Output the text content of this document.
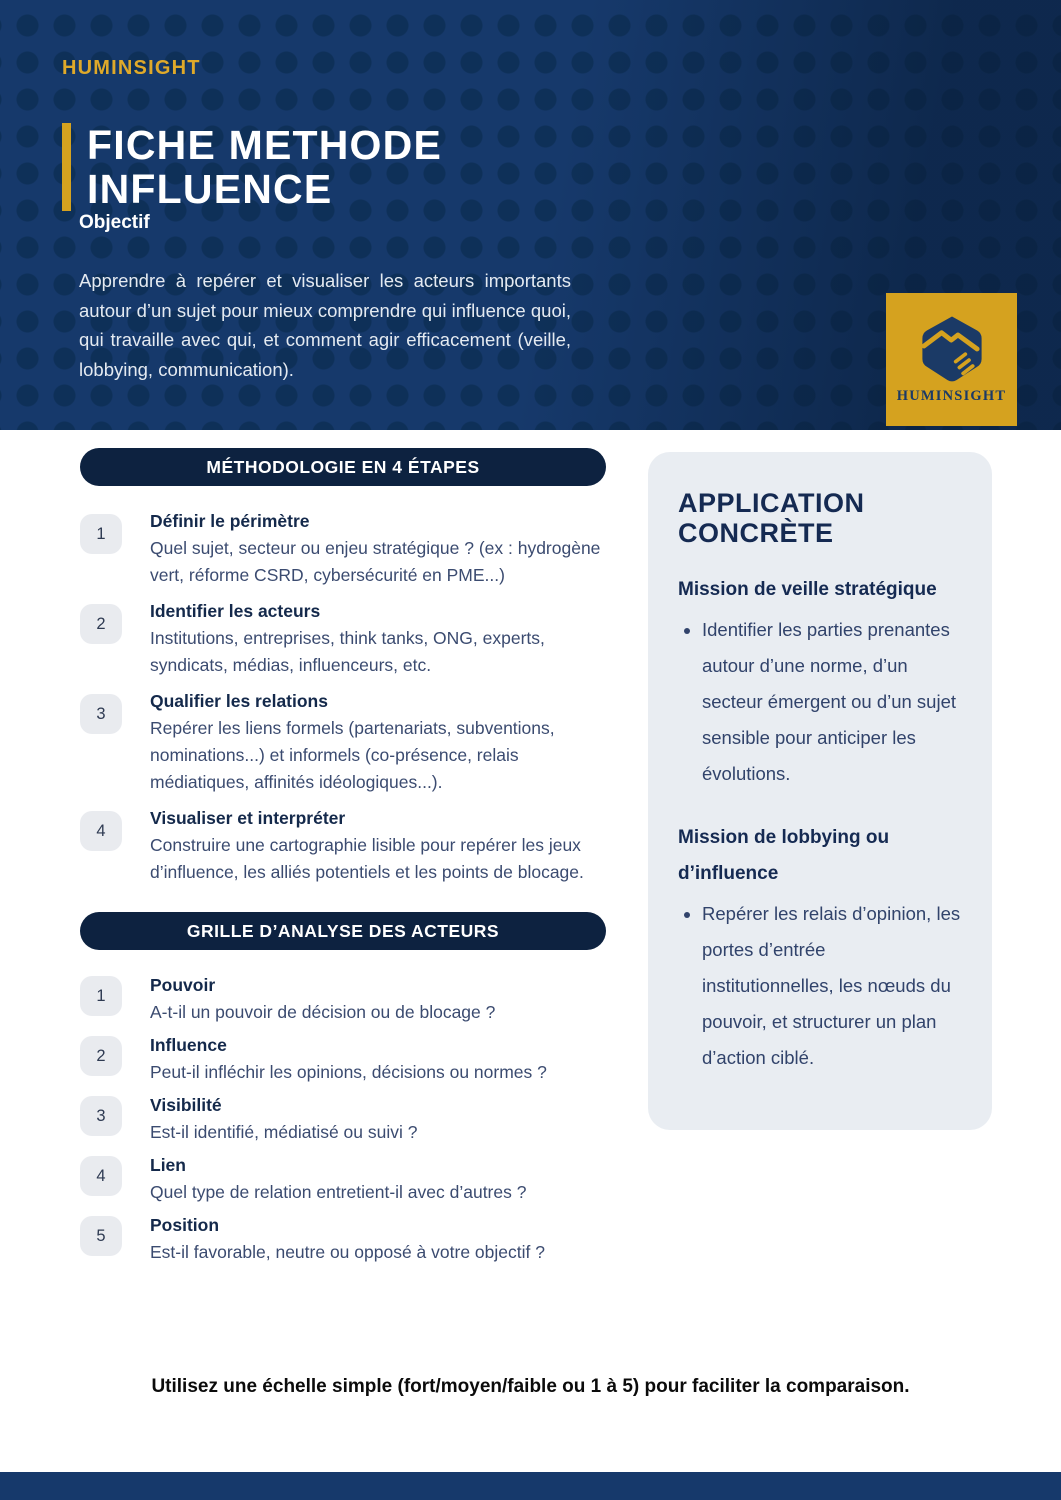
HUMINSIGHT
FICHE METHODE
INFLUENCE
Objectif

Apprendre à repérer et visualiser les acteurs importants autour d’un sujet pour mieux comprendre qui influence quoi, qui travaille avec qui, et comment agir efficacement (veille, lobbying, communication).

HUMINSIGHT
MÉTHODOLOGIE EN 4 ÉTAPES
1
Définir le périmètre
Quel sujet, secteur ou enjeu stratégique ? (ex : hydrogène vert, réforme CSRD, cybersécurité en PME...)
2
Identifier les acteurs
Institutions, entreprises, think tanks, ONG, experts, syndicats, médias, influenceurs, etc.
3
Qualifier les relations
Repérer les liens formels (partenariats, subventions, nominations...) et informels (co-présence, relais médiatiques, affinités idéologiques...).
4
Visualiser et interpréter
Construire une cartographie lisible pour repérer les jeux d’influence, les alliés potentiels et les points de blocage.
GRILLE D’ANALYSE DES ACTEURS
1
Pouvoir
A-t-il un pouvoir de décision ou de blocage ?
2
Influence
Peut-il infléchir les opinions, décisions ou normes ?
3
Visibilité
Est-il identifié, médiatisé ou suivi ?
4
Lien
Quel type de relation entretient-il avec d’autres ?
5
Position
Est-il favorable, neutre ou opposé à votre objectif ?
APPLICATION
CONCRÈTE
Mission de veille stratégique
• Identifier les parties prenantes autour d’une norme, d’un secteur émergent ou d’un sujet sensible pour anticiper les évolutions.
Mission de lobbying ou d’influence
• Repérer les relais d’opinion, les portes d’entrée institutionnelles, les nœuds du pouvoir, et structurer un plan d’action ciblé.

Utilisez une échelle simple (fort/moyen/faible ou 1 à 5) pour faciliter la comparaison.
